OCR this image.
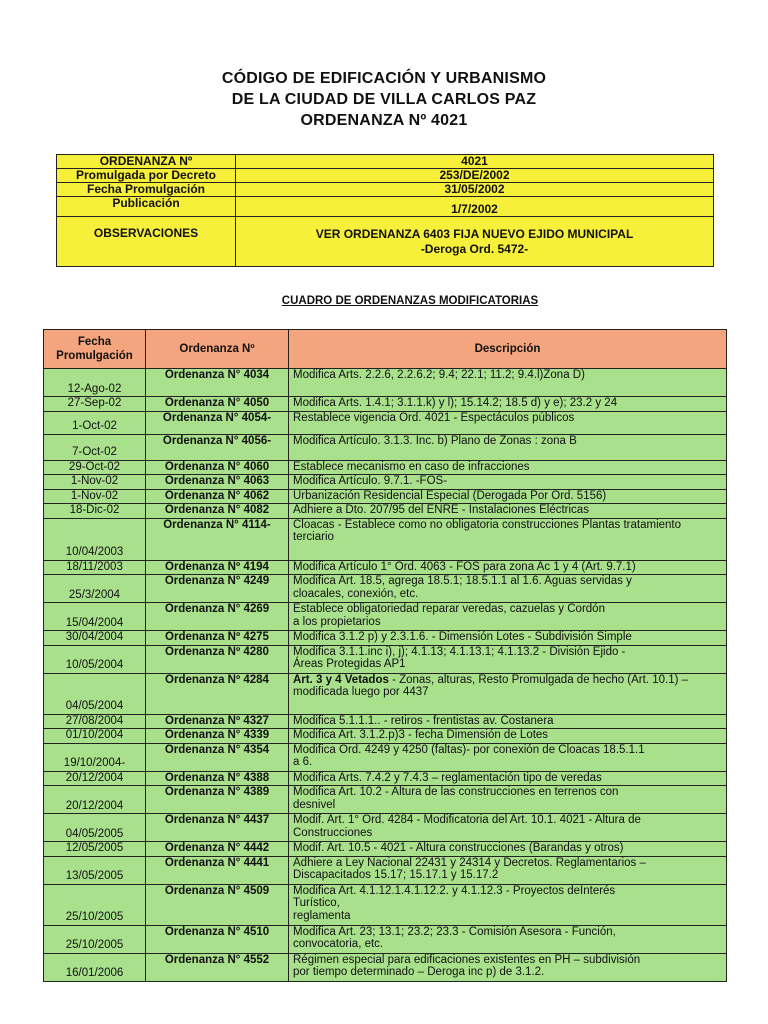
CÓDIGO DE EDIFICACIÓN Y URBANISMO
DE LA CIUDAD DE VILLA CARLOS PAZ
ORDENANZA Nº 4021
ORDENANZA Nº	4021
Promulgada por Decreto	253/DE/2002
Fecha Promulgación	31/05/2002
Publicación	1/7/2002
OBSERVACIONES	VER ORDENANZA 6403 FIJA NUEVO EJIDO MUNICIPAL
-Deroga Ord. 5472-
CUADRO DE ORDENANZAS MODIFICATORIAS
Fecha
Promulgación	Ordenanza Nº	Descripción
12-Ago-02	Ordenanza N° 4034	Modifica Arts. 2.2.6, 2.2.6.2; 9.4; 22.1; 11.2; 9.4.l)Zona D)

27-Sep-02	Ordenanza N° 4050	Modifica Arts. 1.4.1; 3.1.1.k) y l); 15.14.2; 18.5 d) y e); 23.2 y 24

1-Oct-02	Ordenanza N° 4054-	Restablece vigencia Ord. 4021 - Espectáculos públicos

7-Oct-02	Ordenanza N° 4056-	Modifica Artículo. 3.1.3. Inc. b) Plano de Zonas : zona B

29-Oct-02	Ordenanza N° 4060	Establece mecanismo en caso de infracciones

1-Nov-02	Ordenanza N° 4063	Modifica Artículo. 9.7.1. -FOS-

1-Nov-02	Ordenanza N° 4062	Urbanización Residencial Especial (Derogada Por Ord. 5156)

18-Dic-02	Ordenanza N° 4082	Adhiere a Dto. 207/95 del ENRE - Instalaciones Eléctricas

10/04/2003	Ordenanza N° 4114-	Cloacas - Establece como no obligatoria construcciones Plantas tratamiento
terciario

18/11/2003	Ordenanza Nº 4194	Modifica Artículo 1° Ord. 4063 - FOS para zona Ac 1 y 4 (Art. 9.7.1)

25/3/2004	Ordenanza N° 4249	Modifica Art. 18.5, agrega 18.5.1; 18.5.1.1 al 1.6. Aguas servidas y
cloacales, conexión, etc.

15/04/2004	Ordenanza N° 4269	Establece obligatoriedad reparar veredas, cazuelas y Cordón
a los propietarios

30/04/2004	Ordenanza Nº 4275	Modifica 3.1.2 p) y 2.3.1.6. - Dimensión Lotes - Subdivisión Simple

10/05/2004	Ordenanza Nº 4280	Modifica 3.1.1.inc i), j); 4.1.13; 4.1.13.1; 4.1.13.2 - División Ejido -
Áreas Protegidas AP1

04/05/2004	Ordenanza Nº 4284	Art. 3 y 4 Vetados - Zonas, alturas, Resto Promulgada de hecho (Art. 10.1) –
modificada luego por 4437

27/08/2004	Ordenanza Nº 4327	Modifica 5.1.1.1.. - retiros - frentistas av. Costanera

01/10/2004	Ordenanza N° 4339	Modifica Art. 3.1.2.p)3 - fecha Dimensión de Lotes

19/10/2004-	Ordenanza N° 4354	Modifica Ord. 4249 y 4250 (faltas)- por conexión de Cloacas 18.5.1.1
a 6.

20/12/2004	Ordenanza N° 4388	Modifica Arts. 7.4.2 y 7.4.3 – reglamentación tipo de veredas

20/12/2004	Ordenanza N° 4389	Modifica Art. 10.2 - Altura de las construcciones en terrenos con
desnivel

04/05/2005	Ordenanza N° 4437	Modif. Art. 1° Ord. 4284 - Modificatoria del Art. 10.1. 4021 - Altura de
Construcciones

12/05/2005	Ordenanza N° 4442	Modif. Art. 10.5 - 4021 - Altura construcciones (Barandas y otros)

13/05/2005	Ordenanza N° 4441	Adhiere a Ley Nacional 22431 y 24314 y Decretos. Reglamentarios –
Discapacitados 15.17; 15.17.1 y 15.17.2

25/10/2005	Ordenanza N° 4509	Modifica Art. 4.1.12.1.4.1.12.2. y 4.1.12.3 - Proyectos deInterés
Turístico,
reglamenta

25/10/2005	Ordenanza N° 4510	Modifica Art. 23; 13.1; 23.2; 23.3 - Comisión Asesora - Función,
convocatoria, etc.

16/01/2006	Ordenanza N° 4552	Régimen especial para edificaciones existentes en PH – subdivisión
por tiempo determinado – Deroga inc p) de 3.1.2.
